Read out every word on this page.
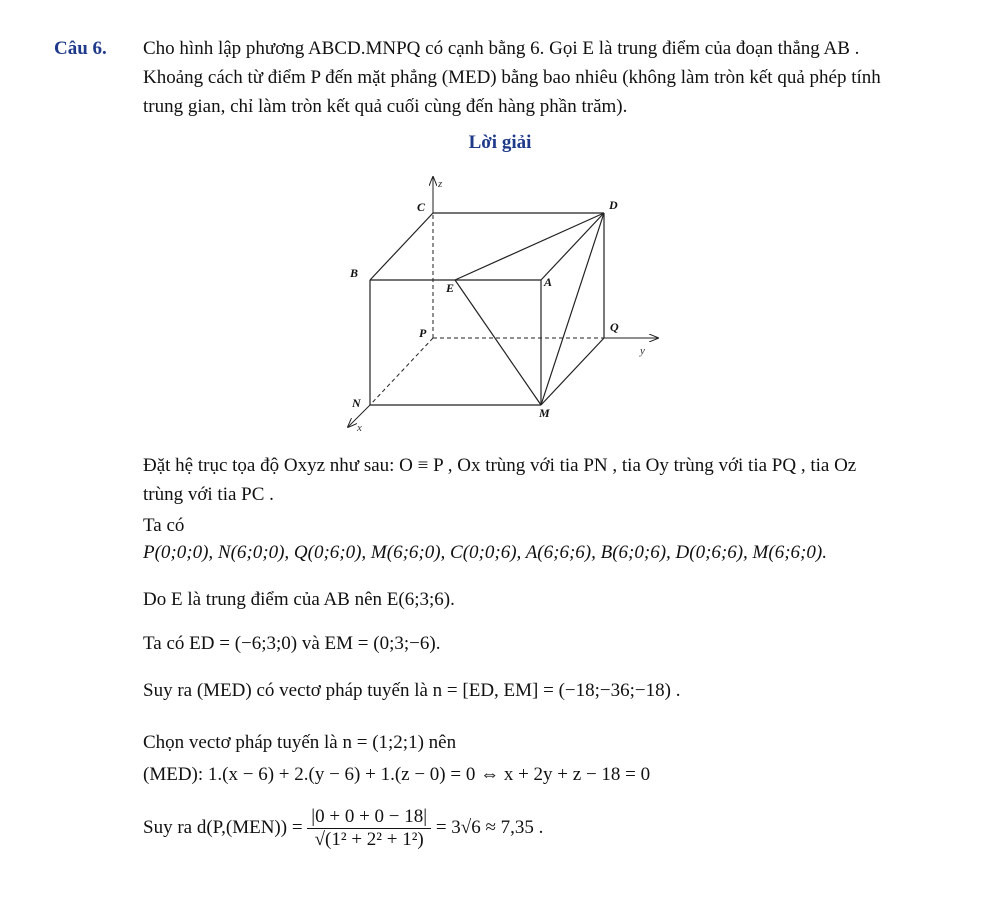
Câu 6. Cho hình lập phương ABCD.MNPQ có cạnh bằng 6. Gọi E là trung điểm của đoạn thẳng AB .
Khoảng cách từ điểm P đến mặt phẳng (MED) bằng bao nhiêu (không làm tròn kết quả phép tính
trung gian, chỉ làm tròn kết quả cuối cùng đến hàng phần trăm).
Lời giải
C	D
B
A
E
P	Q
N
M
z
y
x
Đặt hệ trục tọa độ Oxyz như sau: O ≡ P , Ox trùng với tia PN , tia Oy trùng với tia PQ , tia Oz
trùng với tia PC .
Ta có
P(0;0;0), N(6;0;0), Q(0;6;0), M(6;6;0), C(0;0;6), A(6;6;6), B(6;0;6), D(0;6;6), M(6;6;0).
Do E là trung điểm của AB nên E(6;3;6).
Ta có ED = (−6;3;0) và EM = (0;3;−6).
Suy ra (MED) có vectơ pháp tuyến là n = [ED, EM] = (−18;−36;−18) .
Chọn vectơ pháp tuyến là n = (1;2;1) nên
(MED): 1.(x − 6) + 2.(y − 6) + 1.(z − 0) = 0 ⇔ x + 2y + z − 18 = 0
Suy ra $d(P,(MEN)) = \frac{|0 + 0 + 0 - 18|}{\text{√(1² + 2² + 1²)}} = 3√6 \approx 7,35$ .
